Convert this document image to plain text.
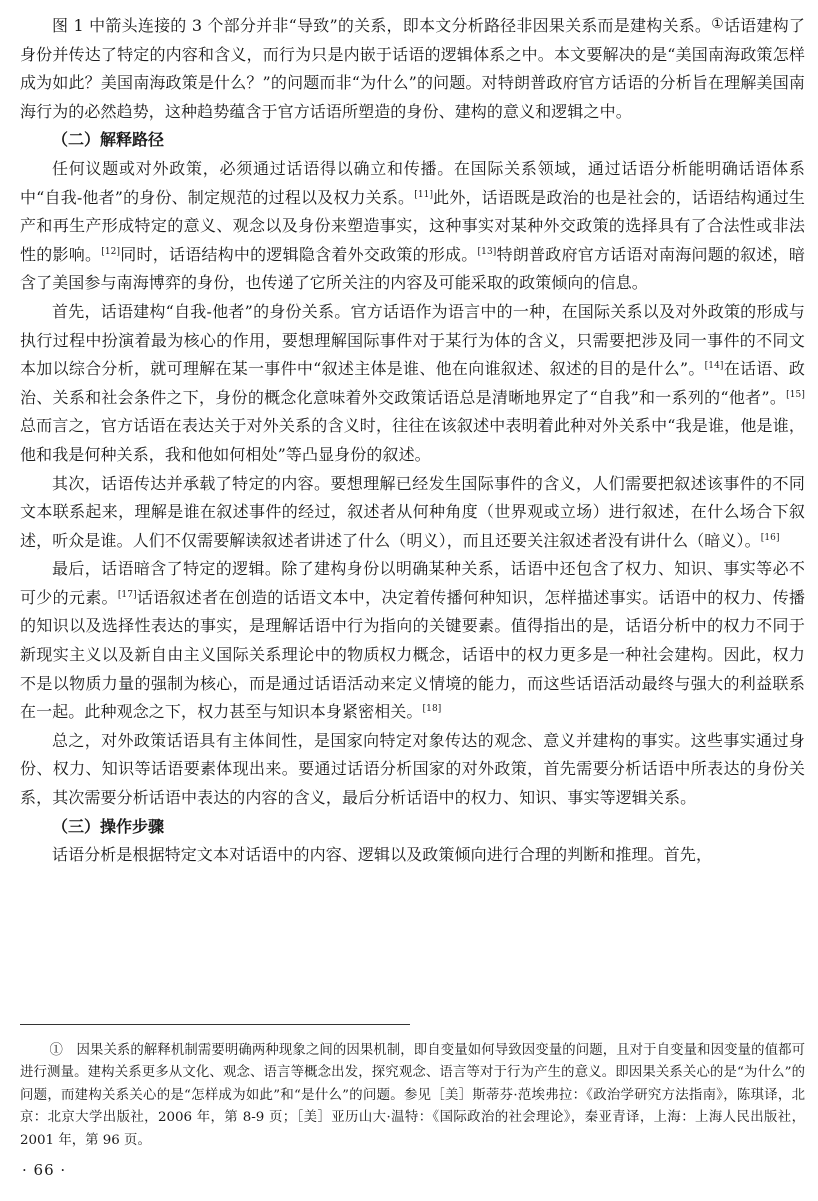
图 1 中箭头连接的 3 个部分并非“导致”的关系，即本文分析路径非因果关系而是建构关系。①话语建构了身份并传达了特定的内容和含义，而行为只是内嵌于话语的逻辑体系之中。本文要解决的是“美国南海政策怎样成为如此？美国南海政策是什么？”的问题而非“为什么”的问题。对特朗普政府官方话语的分析旨在理解美国南海行为的必然趋势，这种趋势蕴含于官方话语所塑造的身份、建构的意义和逻辑之中。

（二）解释路径

任何议题或对外政策，必须通过话语得以确立和传播。在国际关系领域，通过话语分析能明确话语体系中“自我-他者”的身份、制定规范的过程以及权力关系。[11]此外，话语既是政治的也是社会的，话语结构通过生产和再生产形成特定的意义、观念以及身份来塑造事实，这种事实对某种外交政策的选择具有了合法性或非法性的影响。[12]同时，话语结构中的逻辑隐含着外交政策的形成。[13]特朗普政府官方话语对南海问题的叙述，暗含了美国参与南海博弈的身份，也传递了它所关注的内容及可能采取的政策倾向的信息。

首先，话语建构“自我-他者”的身份关系。官方话语作为语言中的一种，在国际关系以及对外政策的形成与执行过程中扮演着最为核心的作用，要想理解国际事件对于某行为体的含义，只需要把涉及同一事件的不同文本加以综合分析，就可理解在某一事件中“叙述主体是谁、他在向谁叙述、叙述的目的是什么”。[14]在话语、政治、关系和社会条件之下，身份的概念化意味着外交政策话语总是清晰地界定了“自我”和一系列的“他者”。[15]总而言之，官方话语在表达关于对外关系的含义时，往往在该叙述中表明着此种对外关系中“我是谁，他是谁，他和我是何种关系，我和他如何相处”等凸显身份的叙述。

其次，话语传达并承载了特定的内容。要想理解已经发生国际事件的含义，人们需要把叙述该事件的不同文本联系起来，理解是谁在叙述事件的经过，叙述者从何种角度（世界观或立场）进行叙述，在什么场合下叙述，听众是谁。人们不仅需要解读叙述者讲述了什么（明义），而且还要关注叙述者没有讲什么（暗义）。[16]

最后，话语暗含了特定的逻辑。除了建构身份以明确某种关系，话语中还包含了权力、知识、事实等必不可少的元素。[17]话语叙述者在创造的话语文本中，决定着传播何种知识，怎样描述事实。话语中的权力、传播的知识以及选择性表达的事实，是理解话语中行为指向的关键要素。值得指出的是，话语分析中的权力不同于新现实主义以及新自由主义国际关系理论中的物质权力概念，话语中的权力更多是一种社会建构。因此，权力不是以物质力量的强制为核心，而是通过话语活动来定义情境的能力，而这些话语活动最终与强大的利益联系在一起。此种观念之下，权力甚至与知识本身紧密相关。[18]

总之，对外政策话语具有主体间性，是国家向特定对象传达的观念、意义并建构的事实。这些事实通过身份、权力、知识等话语要素体现出来。要通过话语分析国家的对外政策，首先需要分析话语中所表达的身份关系，其次需要分析话语中表达的内容的含义，最后分析话语中的权力、知识、事实等逻辑关系。

（三）操作步骤

话语分析是根据特定文本对话语中的内容、逻辑以及政策倾向进行合理的判断和推理。首先，

①　因果关系的解释机制需要明确两种现象之间的因果机制，即自变量如何导致因变量的问题，且对于自变量和因变量的值都可进行测量。建构关系更多从文化、观念、语言等概念出发，探究观念、语言等对于行为产生的意义。即因果关系关心的是“为什么”的问题，而建构关系关心的是“怎样成为如此”和“是什么”的问题。参见［美］斯蒂芬·范埃弗拉：《政治学研究方法指南》，陈琪译，北京：北京大学出版社，2006 年，第 8-9 页；［美］亚历山大·温特：《国际政治的社会理论》，秦亚青译，上海：上海人民出版社，2001 年，第 96 页。
· 66 ·
